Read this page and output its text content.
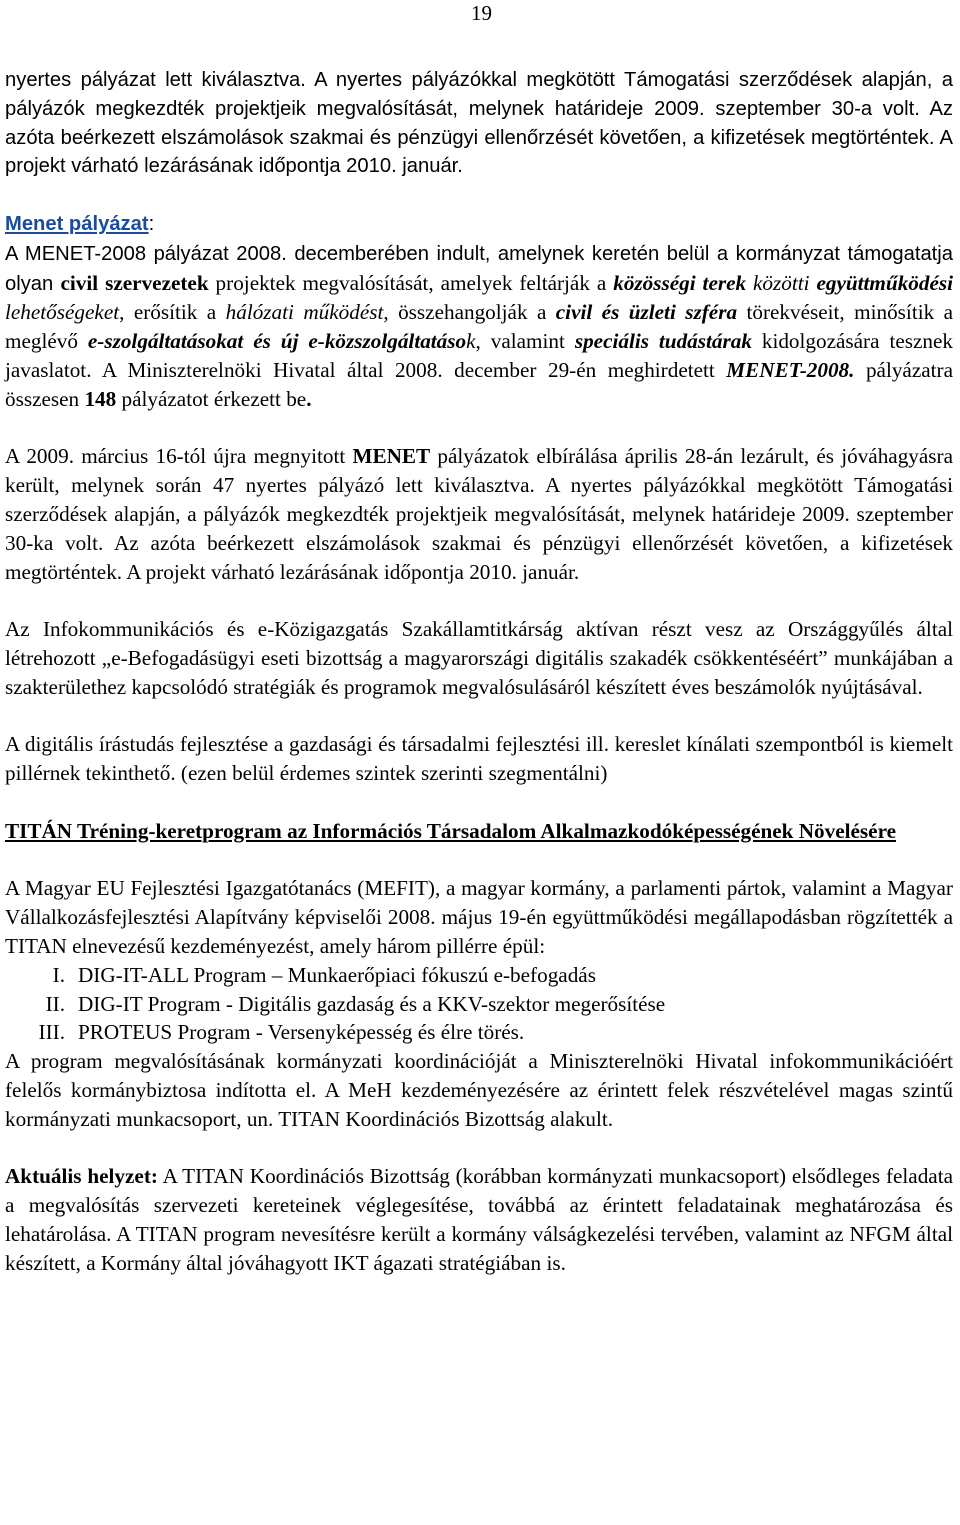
19

nyertes pályázat lett kiválasztva. A nyertes pályázókkal megkötött Támogatási szerződések alapján, a pályázók megkezdték projektjeik megvalósítását, melynek határideje 2009. szeptember 30-a volt. Az azóta beérkezett elszámolások szakmai és pénzügyi ellenőrzését követően, a kifizetések megtörténtek. A projekt várható lezárásának időpontja 2010. január.

Menet pályázat:

A MENET-2008 pályázat 2008. decemberében indult, amelynek keretén belül a kormányzat támogatatja olyan civil szervezetek projektek megvalósítását, amelyek feltárják a közösségi terek közötti együttműködési lehetőségeket, erősítik a hálózati működést, összehangolják a civil és üzleti szféra törekvéseit, minősítik a meglévő e-szolgáltatásokat és új e-közszolgáltatások, valamint speciális tudástárak kidolgozására tesznek javaslatot. A Miniszterelnöki Hivatal által 2008. december 29-én meghirdetett MENET-2008. pályázatra összesen 148 pályázatot érkezett be.

A 2009. március 16-tól újra megnyitott MENET pályázatok elbírálása április 28-án lezárult, és jóváhagyásra került, melynek során 47 nyertes pályázó lett kiválasztva. A nyertes pályázókkal megkötött Támogatási szerződések alapján, a pályázók megkezdték projektjeik megvalósítását, melynek határideje 2009. szeptember 30-ka volt. Az azóta beérkezett elszámolások szakmai és pénzügyi ellenőrzését követően, a kifizetések megtörténtek. A projekt várható lezárásának időpontja 2010. január.

Az Infokommunikációs és e-Közigazgatás Szakállamtitkárság aktívan részt vesz az Országgyűlés által létrehozott „e-Befogadásügyi eseti bizottság a magyarországi digitális szakadék csökkentéséért” munkájában a szakterülethez kapcsolódó stratégiák és programok megvalósulásáról készített éves beszámolók nyújtásával.

A digitális írástudás fejlesztése a gazdasági és társadalmi fejlesztési ill. kereslet kínálati szempontból is kiemelt pillérnek tekinthető. (ezen belül érdemes szintek szerinti szegmentálni)

TITÁN Tréning-keretprogram az Információs Társadalom Alkalmazkodóképességének Növelésére

A Magyar EU Fejlesztési Igazgatótanács (MEFIT), a magyar kormány, a parlamenti pártok, valamint a Magyar Vállalkozásfejlesztési Alapítvány képviselői 2008. május 19-én együttműködési megállapodásban rögzítették a TITAN elnevezésű kezdeményezést, amely három pillérre épül:

I. DIG-IT-ALL Program – Munkaerőpiaci fókuszú e-befogadás
II. DIG-IT Program - Digitális gazdaság és a KKV-szektor megerősítése
III. PROTEUS Program - Versenyképesség és élre törés.

A program megvalósításának kormányzati koordinációját a Miniszterelnöki Hivatal infokommunikációért felelős kormánybiztosa indította el. A MeH kezdeményezésére az érintett felek részvételével magas szintű kormányzati munkacsoport, un. TITAN Koordinációs Bizottság alakult.

Aktuális helyzet: A TITAN Koordinációs Bizottság (korábban kormányzati munkacsoport) elsődleges feladata a megvalósítás szervezeti kereteinek véglegesítése, továbbá az érintett feladatainak meghatározása és lehatárolása. A TITAN program nevesítésre került a kormány válságkezelési tervében, valamint az NFGM által készített, a Kormány által jóváhagyott IKT ágazati stratégiában is.
